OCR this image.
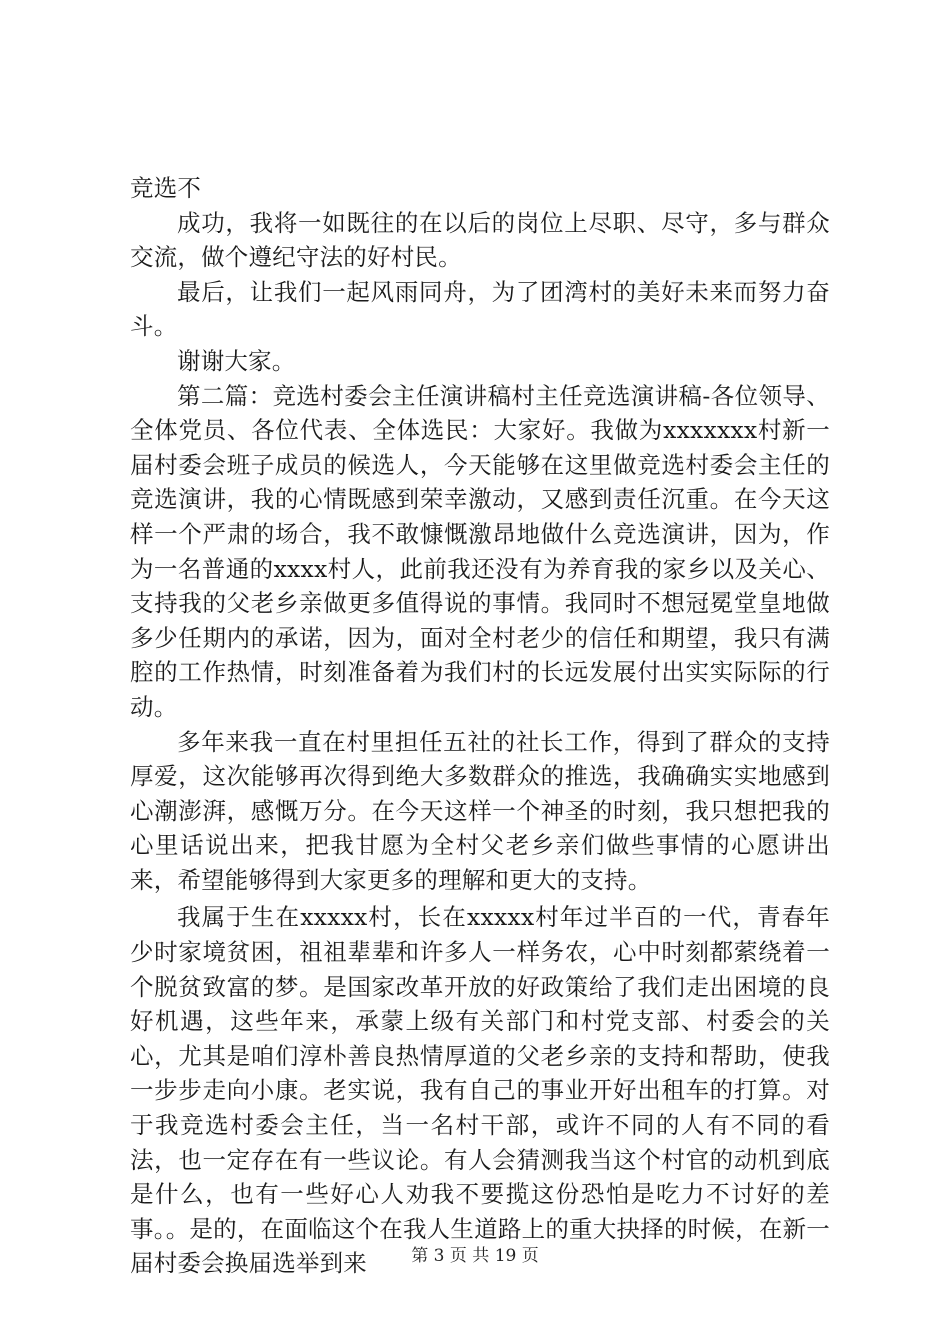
竞选不

成功，我将一如既往的在以后的岗位上尽职、尽守，多与群众交流，做个遵纪守法的好村民。

最后，让我们一起风雨同舟，为了团湾村的美好未来而努力奋斗。

谢谢大家。

第二篇：竞选村委会主任演讲稿村主任竞选演讲稿-各位领导、全体党员、各位代表、全体选民：大家好。我做为xxxxxxx村新一届村委会班子成员的候选人，今天能够在这里做竞选村委会主任的竞选演讲，我的心情既感到荣幸激动，又感到责任沉重。在今天这样一个严肃的场合，我不敢慷慨激昂地做什么竞选演讲，因为，作为一名普通的xxxx村人，此前我还没有为养育我的家乡以及关心、支持我的父老乡亲做更多值得说的事情。我同时不想冠冕堂皇地做多少任期内的承诺，因为，面对全村老少的信任和期望，我只有满腔的工作热情，时刻准备着为我们村的长远发展付出实实际际的行动。

多年来我一直在村里担任五社的社长工作，得到了群众的支持厚爱，这次能够再次得到绝大多数群众的推选，我确确实实地感到心潮澎湃，感慨万分。在今天这样一个神圣的时刻，我只想把我的心里话说出来，把我甘愿为全村父老乡亲们做些事情的心愿讲出来，希望能够得到大家更多的理解和更大的支持。

我属于生在xxxxx村，长在xxxxx村年过半百的一代，青春年少时家境贫困，祖祖辈辈和许多人一样务农，心中时刻都萦绕着一个脱贫致富的梦。是国家改革开放的好政策给了我们走出困境的良好机遇，这些年来，承蒙上级有关部门和村党支部、村委会的关心，尤其是咱们淳朴善良热情厚道的父老乡亲的支持和帮助，使我一步步走向小康。老实说，我有自己的事业开好出租车的打算。对于我竞选村委会主任，当一名村干部，或许不同的人有不同的看法，也一定存在有一些议论。有人会猜测我当这个村官的动机到底是什么，也有一些好心人劝我不要揽这份恐怕是吃力不讨好的差事。。是的，在面临这个在我人生道路上的重大抉择的时候，在新一届村委会换届选举到来	第 3 页 共 19 页
